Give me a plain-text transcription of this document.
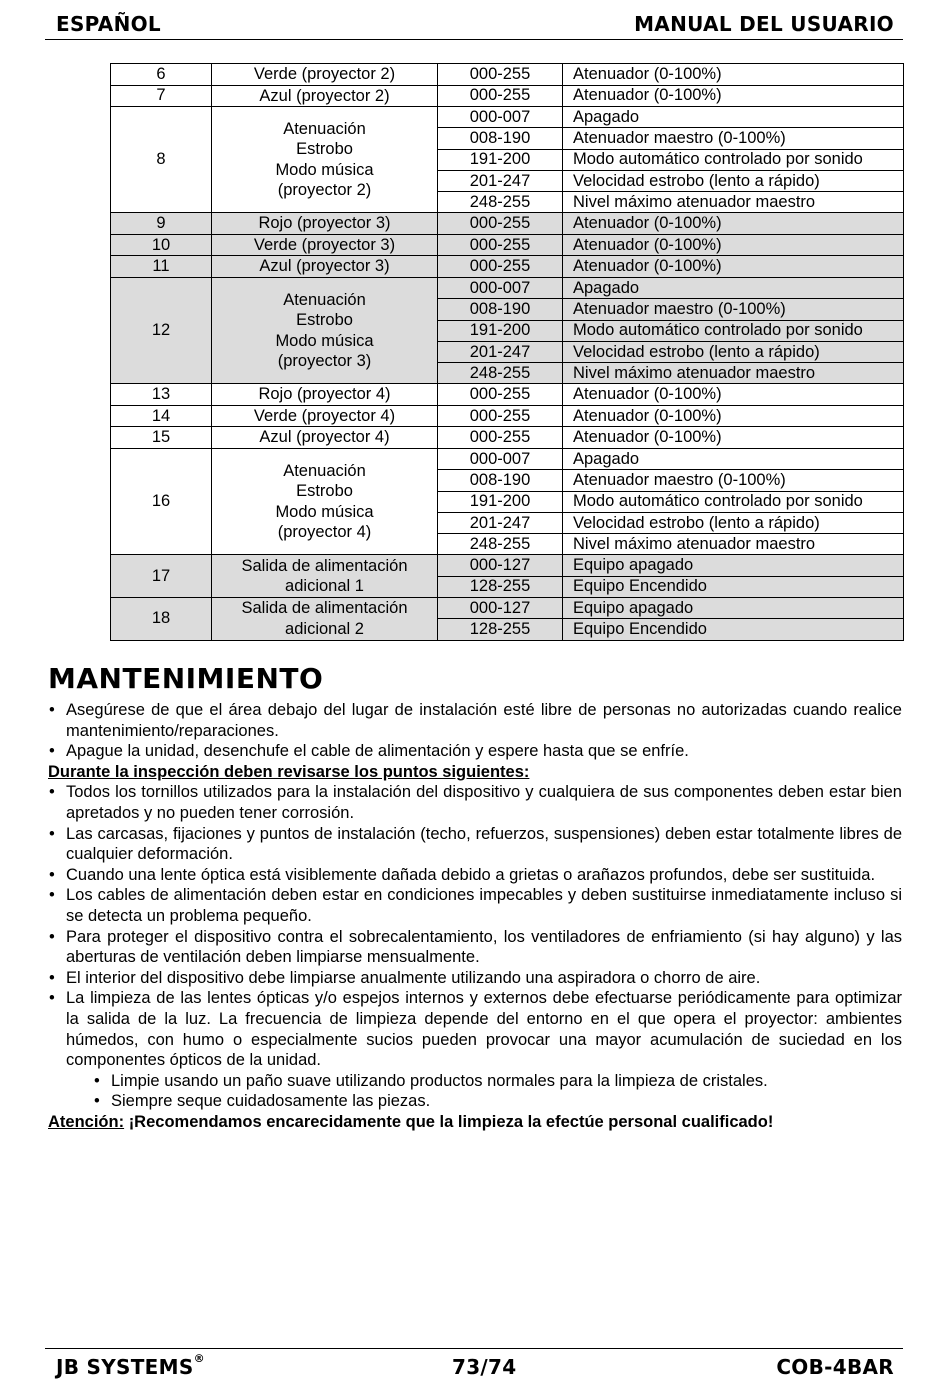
ESPAÑOL	MANUAL DEL USUARIO
6	Verde (proyector 2)	000-255	Atenuador (0-100%)
7	Azul (proyector 2)	000-255	Atenuador (0-100%)
8	Atenuación
Estrobo
Modo música
(proyector 2)	000-007	Apagado
		008-190	Atenuador maestro (0-100%)
		191-200	Modo automático controlado por sonido
		201-247	Velocidad estrobo (lento a rápido)
		248-255	Nivel máximo atenuador maestro
9	Rojo (proyector 3)	000-255	Atenuador (0-100%)
10	Verde (proyector 3)	000-255	Atenuador (0-100%)
11	Azul (proyector 3)	000-255	Atenuador (0-100%)
12	Atenuación
Estrobo
Modo música
(proyector 3)	000-007	Apagado
		008-190	Atenuador maestro (0-100%)
		191-200	Modo automático controlado por sonido
		201-247	Velocidad estrobo (lento a rápido)
		248-255	Nivel máximo atenuador maestro
13	Rojo (proyector 4)	000-255	Atenuador (0-100%)
14	Verde (proyector 4)	000-255	Atenuador (0-100%)
15	Azul (proyector 4)	000-255	Atenuador (0-100%)
16	Atenuación
Estrobo
Modo música
(proyector 4)	000-007	Apagado
		008-190	Atenuador maestro (0-100%)
		191-200	Modo automático controlado por sonido
		201-247	Velocidad estrobo (lento a rápido)
		248-255	Nivel máximo atenuador maestro
17	Salida de alimentación
adicional 1	000-127	Equipo apagado
		128-255	Equipo Encendido
18	Salida de alimentación
adicional 2	000-127	Equipo apagado
		128-255	Equipo Encendido
MANTENIMIENTO
• Asegúrese de que el área debajo del lugar de instalación esté libre de personas no autorizadas cuando realice mantenimiento/reparaciones.
• Apague la unidad, desenchufe el cable de alimentación y espere hasta que se enfríe.

Durante la inspección deben revisarse los puntos siguientes:

• Todos los tornillos utilizados para la instalación del dispositivo y cualquiera de sus componentes deben estar bien apretados y no pueden tener corrosión.
• Las carcasas, fijaciones y puntos de instalación (techo, refuerzos, suspensiones) deben estar totalmente libres de cualquier deformación.
• Cuando una lente óptica está visiblemente dañada debido a grietas o arañazos profundos, debe ser sustituida.
• Los cables de alimentación deben estar en condiciones impecables y deben sustituirse inmediatamente incluso si se detecta un problema pequeño.
• Para proteger el dispositivo contra el sobrecalentamiento, los ventiladores de enfriamiento (si hay alguno) y las aberturas de ventilación deben limpiarse mensualmente.
• El interior del dispositivo debe limpiarse anualmente utilizando una aspiradora o chorro de aire.
• La limpieza de las lentes ópticas y/o espejos internos y externos debe efectuarse periódicamente para optimizar la salida de la luz. La frecuencia de limpieza depende del entorno en el que opera el proyector: ambientes húmedos, con humo o especialmente sucios pueden provocar una mayor acumulación de suciedad en los componentes ópticos de la unidad.
• Limpie usando un paño suave utilizando productos normales para la limpieza de cristales.
• Siempre seque cuidadosamente las piezas.

Atención: ¡Recomendamos encarecidamente que la limpieza la efectúe personal cualificado!

JB SYSTEMS®	73/74	COB-4BAR
